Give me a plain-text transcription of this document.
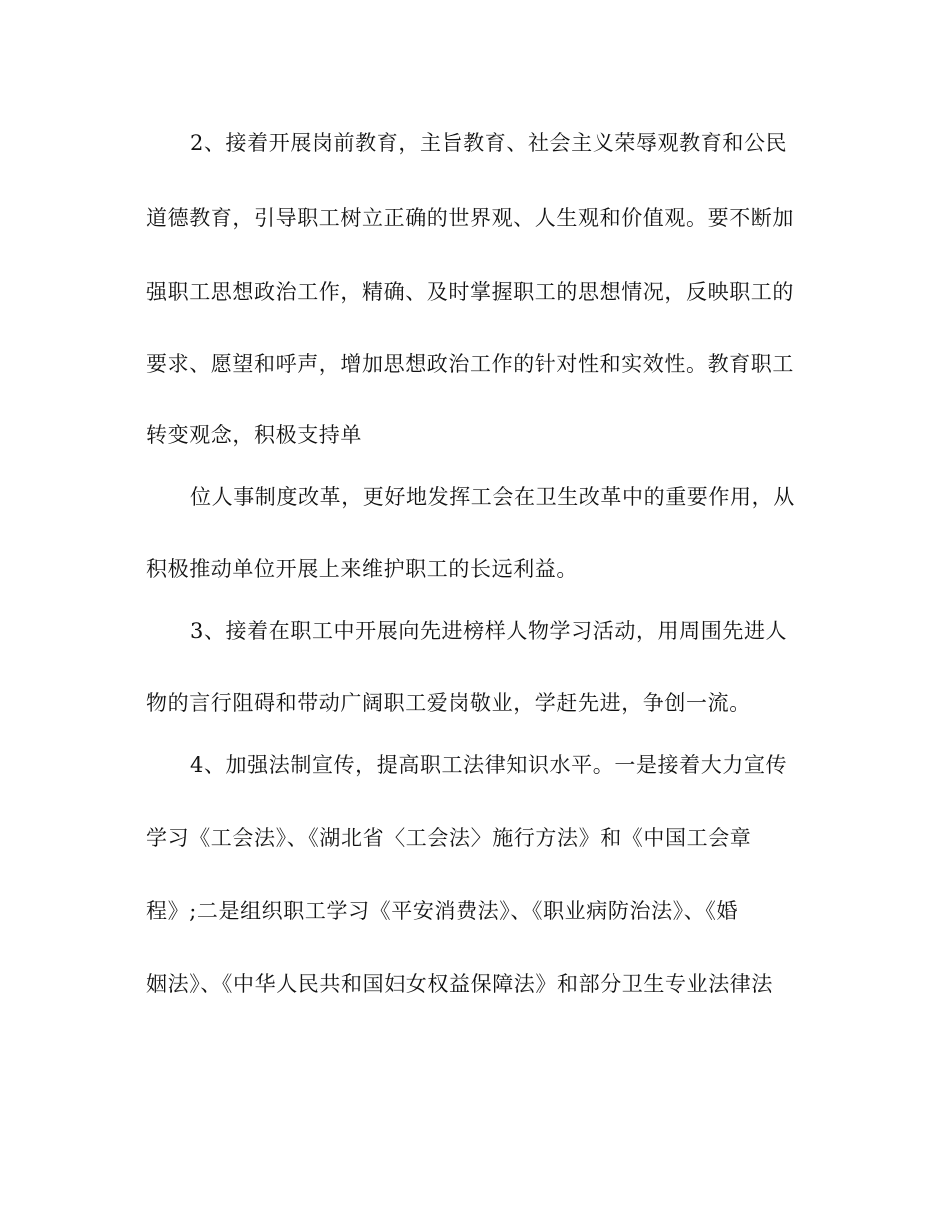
2、接着开展岗前教育，主旨教育、社会主义荣辱观教育和公民
道德教育，引导职工树立正确的世界观、人生观和价值观。要不断加
强职工思想政治工作，精确、及时掌握职工的思想情况，反映职工的
要求、愿望和呼声，增加思想政治工作的针对性和实效性。教育职工
转变观念，积极支持单
位人事制度改革，更好地发挥工会在卫生改革中的重要作用，从
积极推动单位开展上来维护职工的长远利益。
3、接着在职工中开展向先进榜样人物学习活动，用周围先进人
物的言行阻碍和带动广阔职工爱岗敬业，学赶先进，争创一流。
4、加强法制宣传，提高职工法律知识水平。一是接着大力宣传
学习《工会法》、《湖北省〈工会法〉施行方法》和《中国工会章
程》;二是组织职工学习《平安消费法》、《职业病防治法》、《婚
姻法》、《中华人民共和国妇女权益保障法》和部分卫生专业法律法
